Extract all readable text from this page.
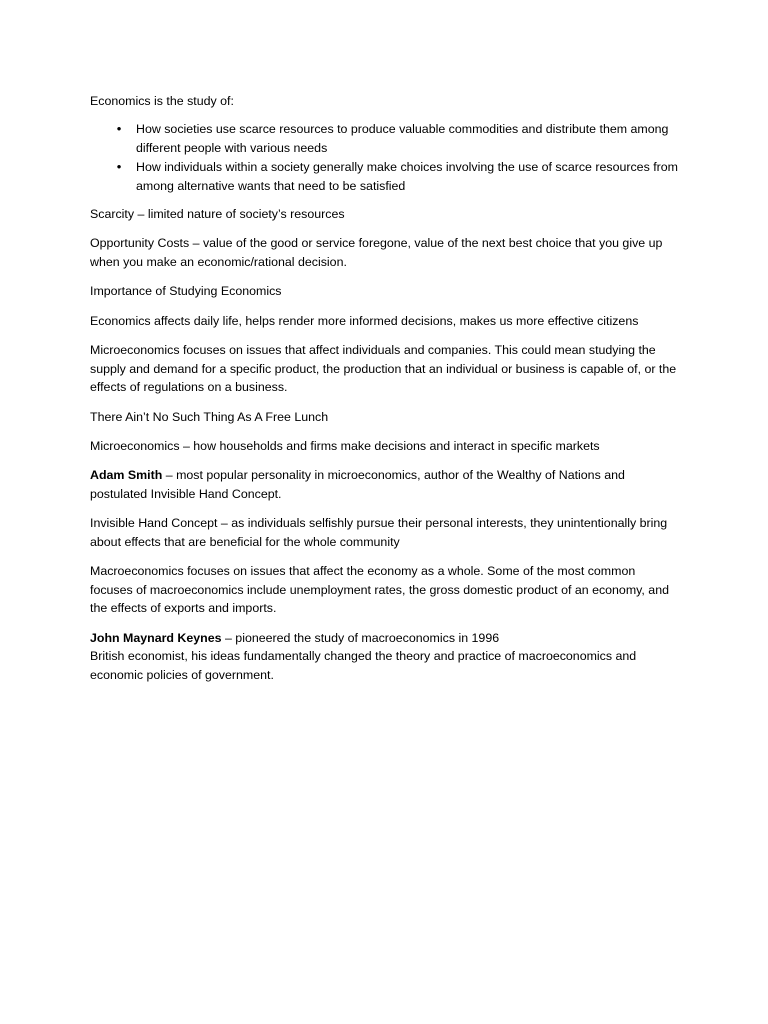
Economics is the study of:

• How societies use scarce resources to produce valuable commodities and distribute them among different people with various needs
• How individuals within a society generally make choices involving the use of scarce resources from among alternative wants that need to be satisfied

Scarcity – limited nature of society’s resources

Opportunity Costs – value of the good or service foregone, value of the next best choice that you give up when you make an economic/rational decision.

Importance of Studying Economics

Economics affects daily life, helps render more informed decisions, makes us more effective citizens

Microeconomics focuses on issues that affect individuals and companies. This could mean studying the supply and demand for a specific product, the production that an individual or business is capable of, or the effects of regulations on a business.

There Ain’t No Such Thing As A Free Lunch

Microeconomics – how households and firms make decisions and interact in specific markets

Adam Smith – most popular personality in microeconomics, author of the Wealthy of Nations and postulated Invisible Hand Concept.

Invisible Hand Concept – as individuals selfishly pursue their personal interests, they unintentionally bring about effects that are beneficial for the whole community

Macroeconomics focuses on issues that affect the economy as a whole. Some of the most common focuses of macroeconomics include unemployment rates, the gross domestic product of an economy, and the effects of exports and imports.

John Maynard Keynes – pioneered the study of macroeconomics in 1996

British economist, his ideas fundamentally changed the theory and practice of macroeconomics and economic policies of government.
